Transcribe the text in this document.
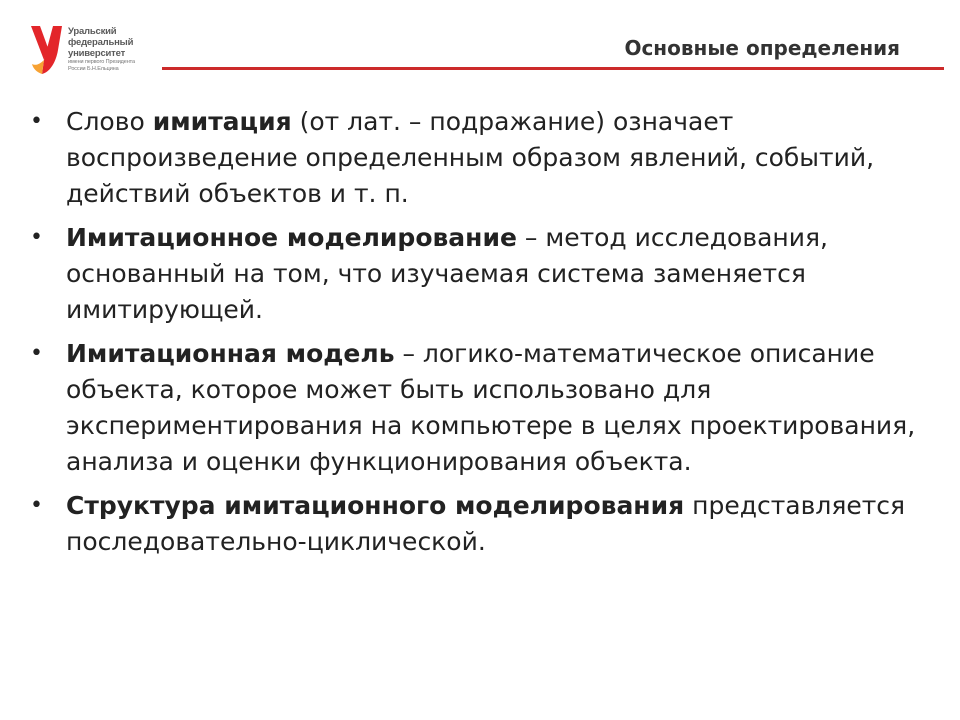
Уральский
федеральный
университет
имени первого Президента
России Б.Н.Ельцина
Основные определения
• Слово имитация (от лат. – подражание) означает воспроизведение определенным образом явлений, событий, действий объектов и т. п.
• Имитационное моделирование – метод исследования, основанный на том, что изучаемая система заменяется имитирующей.
• Имитационная модель – логико-математическое описание объекта, которое может быть использовано для экспериментирования на компьютере в целях проектирования, анализа и оценки функционирования объекта.
• Структура имитационного моделирования представляется последовательно-циклической.
